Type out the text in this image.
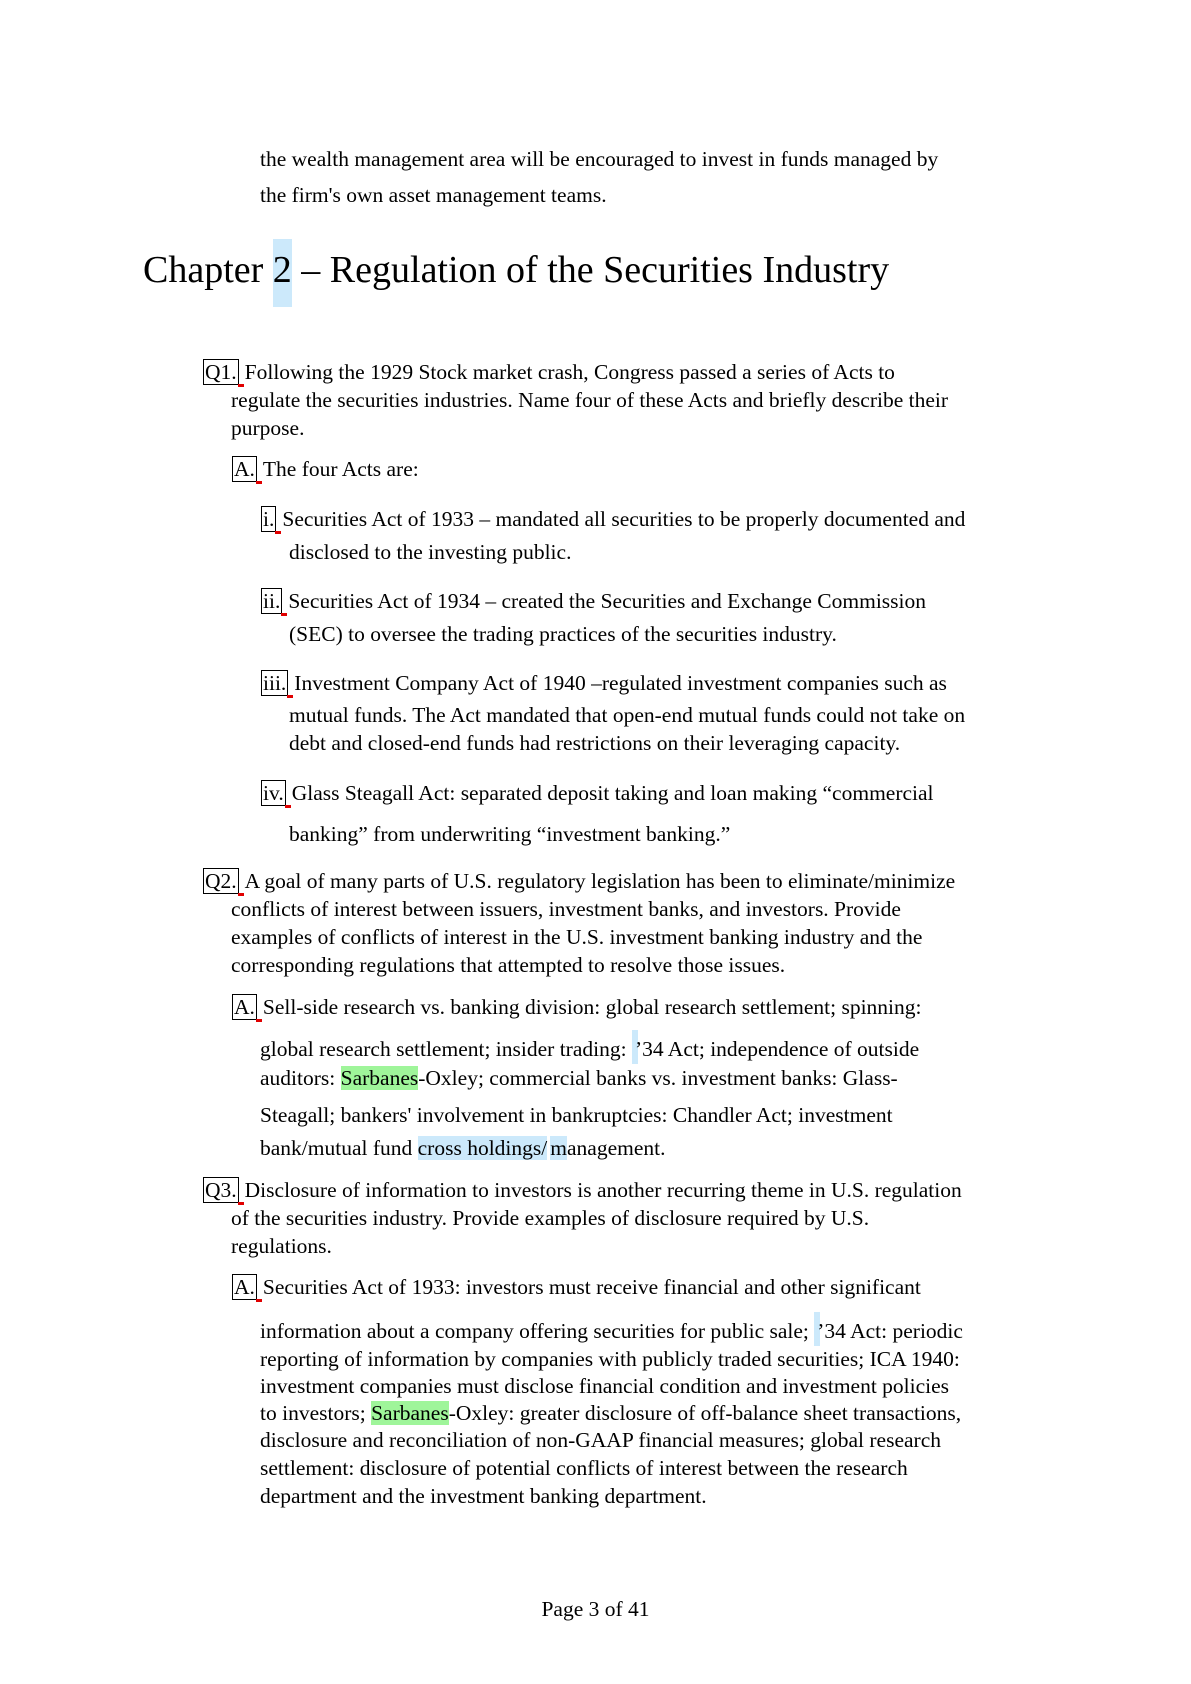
the wealth management area will be encouraged to invest in funds managed by
the firm's own asset management teams.
Chapter 2 – Regulation of the Securities Industry
Q1. Following the 1929 Stock market crash, Congress passed a series of Acts to
regulate the securities industries. Name four of these Acts and briefly describe their
purpose.
A. The four Acts are:
i. Securities Act of 1933 – mandated all securities to be properly documented and
disclosed to the investing public.
ii. Securities Act of 1934 – created the Securities and Exchange Commission
(SEC) to oversee the trading practices of the securities industry.
iii. Investment Company Act of 1940 –regulated investment companies such as
mutual funds. The Act mandated that open-end mutual funds could not take on
debt and closed-end funds had restrictions on their leveraging capacity.
iv. Glass Steagall Act: separated deposit taking and loan making “commercial
banking” from underwriting “investment banking.”
Q2. A goal of many parts of U.S. regulatory legislation has been to eliminate/minimize
conflicts of interest between issuers, investment banks, and investors. Provide
examples of conflicts of interest in the U.S. investment banking industry and the
corresponding regulations that attempted to resolve those issues.
A. Sell-side research vs. banking division: global research settlement; spinning:
global research settlement; insider trading: ’34 Act; independence of outside
auditors: Sarbanes-Oxley; commercial banks vs. investment banks: Glass-
Steagall; bankers' involvement in bankruptcies: Chandler Act; investment
bank/mutual fund cross holdings/ management.
Q3. Disclosure of information to investors is another recurring theme in U.S. regulation
of the securities industry. Provide examples of disclosure required by U.S.
regulations.
A. Securities Act of 1933: investors must receive financial and other significant
information about a company offering securities for public sale; ’34 Act: periodic
reporting of information by companies with publicly traded securities; ICA 1940:
investment companies must disclose financial condition and investment policies
to investors; Sarbanes-Oxley: greater disclosure of off-balance sheet transactions,
disclosure and reconciliation of non-GAAP financial measures; global research
settlement: disclosure of potential conflicts of interest between the research
department and the investment banking department.
Page 3 of 41
